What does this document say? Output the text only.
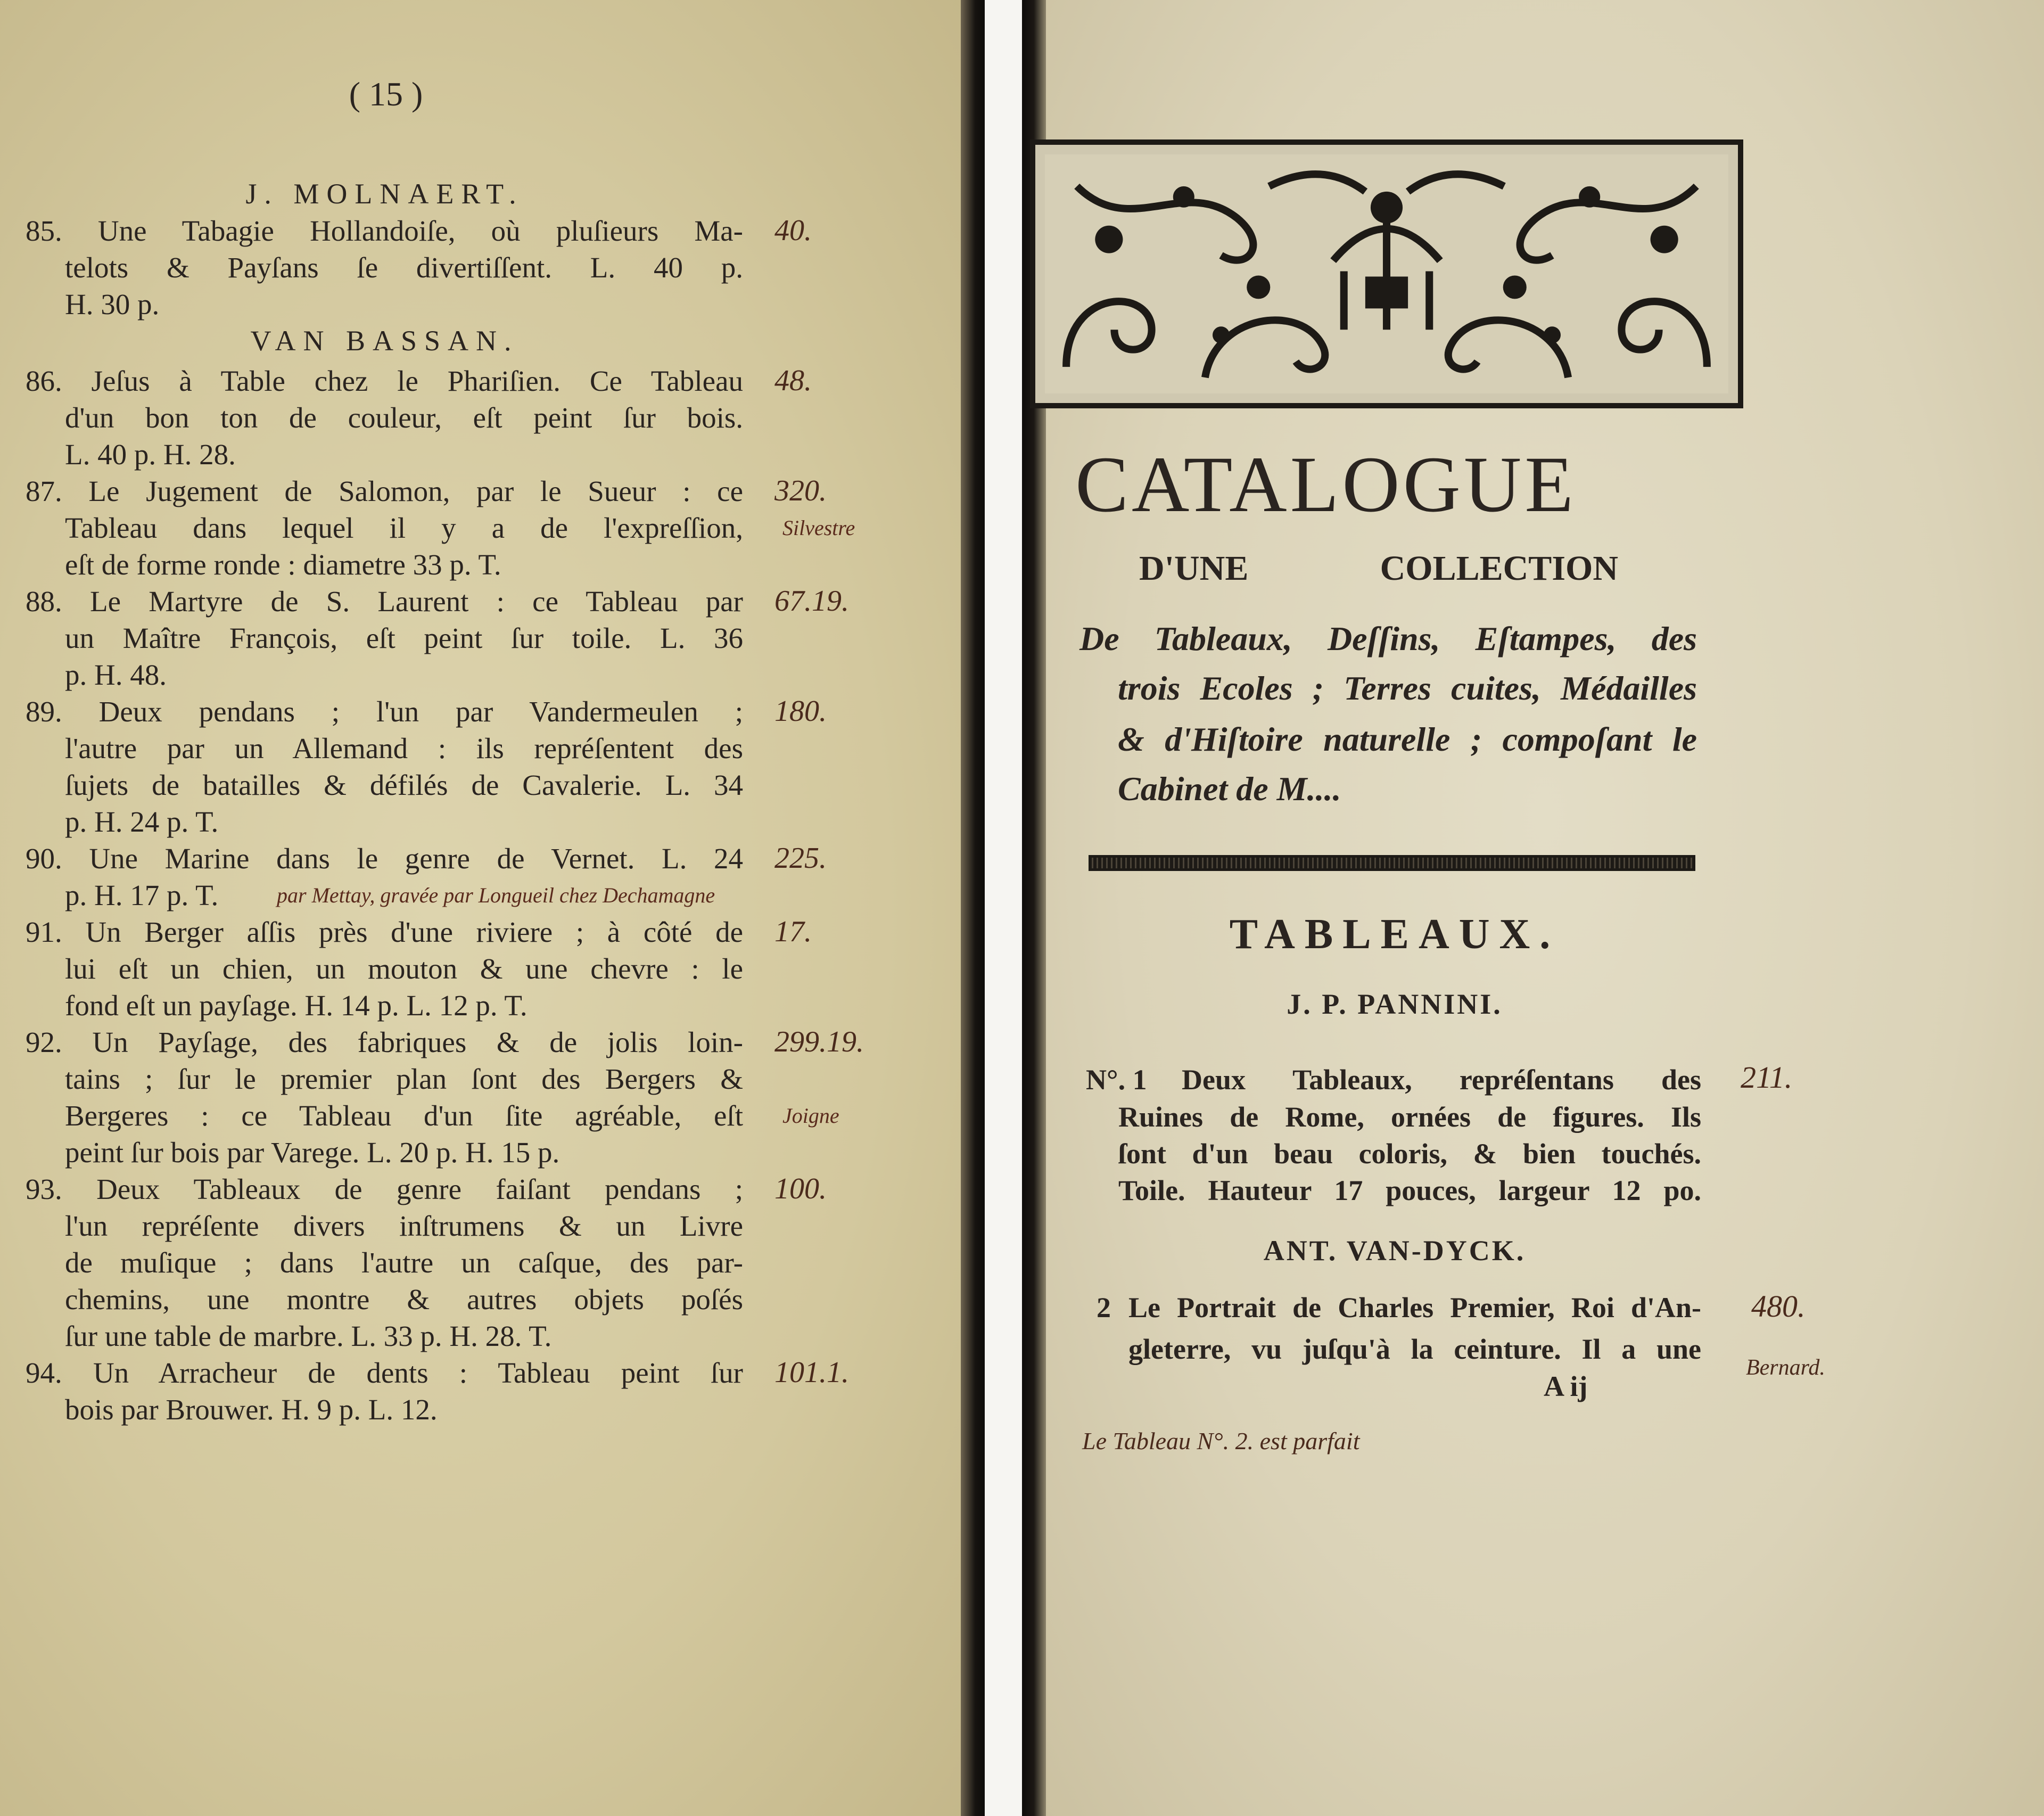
( 15 )
J. MOLNAERT.
85. Une Tabagie Hollandoiſe, où pluſieurs Ma- 40.
telots & Payſans ſe divertiſſent. L. 40 p.
H. 30 p.
VAN BASSAN.
86. Jeſus à Table chez le Phariſien. Ce Tableau 48.
d'un bon ton de couleur, eſt peint ſur bois.
L. 40 p. H. 28.
87. Le Jugement de Salomon, par le Sueur : ce 320.
Tableau dans lequel il y a de l'expreſſion, Silvestre
eſt de forme ronde : diametre 33 p. T.
88. Le Martyre de S. Laurent : ce Tableau par 67.19.
un Maître François, eſt peint ſur toile. L. 36
p. H. 48.
89. Deux pendans ; l'un par Vandermeulen ; 180.
l'autre par un Allemand : ils repréſentent des
ſujets de batailles & défilés de Cavalerie. L. 34
p. H. 24 p. T.
90. Une Marine dans le genre de Vernet. L. 24 225.
p. H. 17 p. T.	par Mettay, gravée par Longueil chez Dechamagne
91. Un Berger aſſis près d'une riviere ; à côté de 17.
lui eſt un chien, un mouton & une chevre : le
fond eſt un payſage. H. 14 p. L. 12 p. T.
92. Un Payſage, des fabriques & de jolis loin- 299.19.
tains ; ſur le premier plan ſont des Bergers &
Bergeres : ce Tableau d'un ſite agréable, eſt Joigne
peint ſur bois par Varege. L. 20 p. H. 15 p.
93. Deux Tableaux de genre faiſant pendans ; 100.
l'un repréſente divers inſtrumens & un Livre
de muſique ; dans l'autre un caſque, des par-
chemins, une montre & autres objets poſés
ſur une table de marbre. L. 33 p. H. 28. T.
94. Un Arracheur de dents : Tableau peint ſur 101.1.
bois par Brouwer. H. 9 p. L. 12.
CATALOGUE
D'UNE COLLECTION
De Tableaux, Deſſins, Eſtampes, des
trois Ecoles ; Terres cuites, Médailles
& d'Hiſtoire naturelle ; compoſant le
Cabinet de M....
TABLEAUX.
J. P. PANNINI.
N°. 1 Deux Tableaux, repréſentans des
Ruines de Rome, ornées de figures. Ils
ſont d'un beau coloris, & bien touchés.
Toile. Hauteur 17 pouces, largeur 12 po.
211.
ANT. VAN-DYCK.
2 Le Portrait de Charles Premier, Roi d'An-
gleterre, vu juſqu'à la ceinture. Il a une
480.
Bernard.
A ij
Le Tableau N°. 2. est parfait
